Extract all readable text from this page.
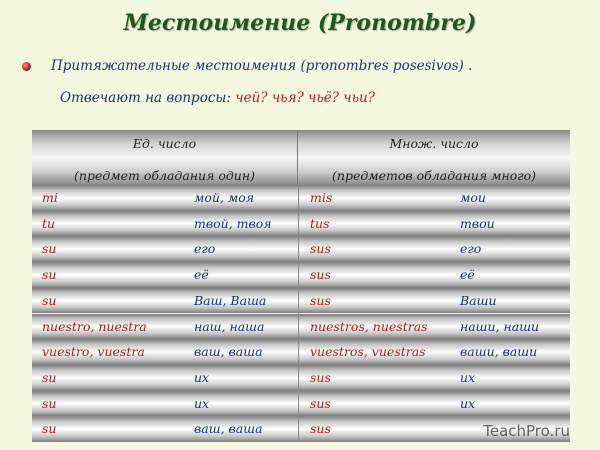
Местоимение (Pronombre)
Притяжательные местоимения (pronombres posesivos) .
Отвечают на вопросы: чей? чья? чьё? чьи?
Ед. число
(предмет обладания один)
Множ. число
(предметов обладания много)
mi	мой, моя	mis	мои
tu	твой, твоя	tus	твои
su	его	sus	его
su	её	sus	её
su	Ваш, Ваша	sus	Ваши
nuestro, nuestra	наш, наша	nuestros, nuestras	наши, наши
vuestro, vuestra	ваш, ваша	vuestros, vuestras	ваши, ваши
su	их	sus	их
su	их	sus	их
su	ваш, ваша	sus	TeachPro.ru
